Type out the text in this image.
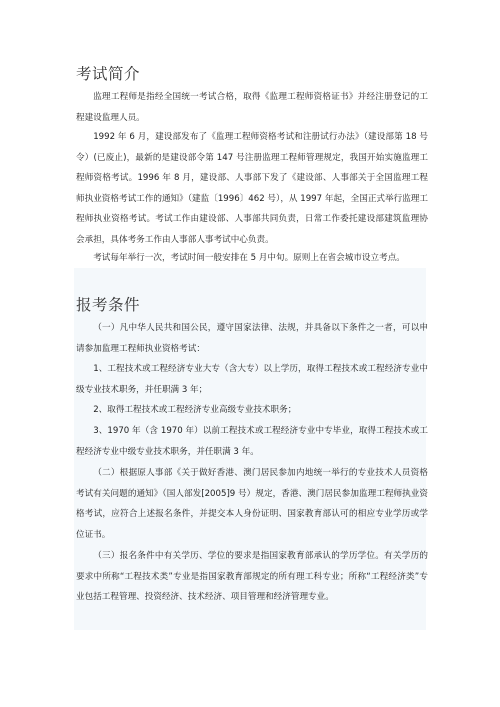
考试简介

监理工程师是指经全国统一考试合格，取得《监理工程师资格证书》并经注册登记的工程建设监理人员。

1992 年 6 月，建设部发布了《监理工程师资格考试和注册试行办法》（建设部第 18 号令）(已废止)，最新的是建设部令第 147 号注册监理工程师管理规定，我国开始实施监理工程师资格考试。1996 年 8 月，建设部、人事部下发了《建设部、人事部关于全国监理工程师执业资格考试工作的通知》（建监〔1996〕462 号），从 1997 年起，全国正式举行监理工程师执业资格考试。考试工作由建设部、人事部共同负责，日常工作委托建设部建筑监理协会承担，具体考务工作由人事部人事考试中心负责。

考试每年举行一次，考试时间一般安排在 5 月中旬。原则上在省会城市设立考点。

报考条件

（一）凡中华人民共和国公民，遵守国家法律、法规，并具备以下条件之一者，可以申请参加监理工程师执业资格考试：

1、工程技术或工程经济专业大专（含大专）以上学历，取得工程技术或工程经济专业中级专业技术职务，并任职满 3 年；

2、取得工程技术或工程经济专业高级专业技术职务；

3、1970 年（含 1970 年）以前工程技术或工程经济专业中专毕业，取得工程技术或工程经济专业中级专业技术职务，并任职满 3 年。

（二）根据原人事部《关于做好香港、澳门居民参加内地统一举行的专业技术人员资格考试有关问题的通知》（国人部发[2005]9 号）规定，香港、澳门居民参加监理工程师执业资格考试，应符合上述报名条件，并提交本人身份证明、国家教育部认可的相应专业学历或学位证书。

（三）报名条件中有关学历、学位的要求是指国家教育部承认的学历学位。有关学历的要求中所称“工程技术类”专业是指国家教育部规定的所有理工科专业；所称“工程经济类”专业包括工程管理、投资经济、技术经济、项目管理和经济管理专业。
